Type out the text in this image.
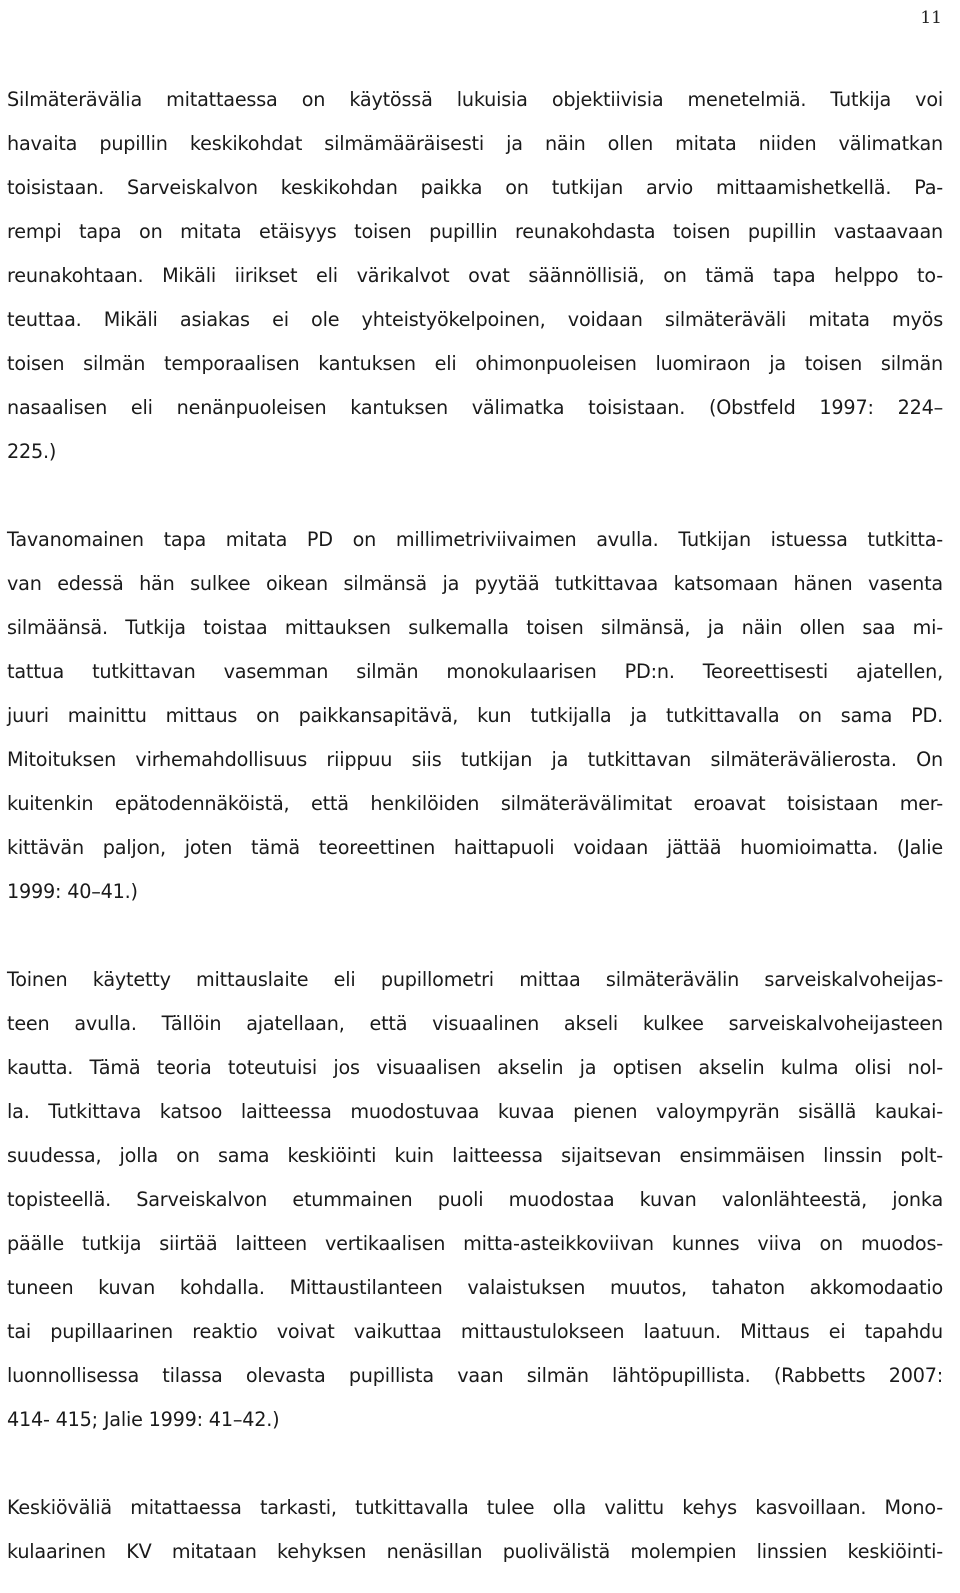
11
Silmäterävälia mitattaessa on käytössä lukuisia objektiivisia menetelmiä. Tutkija voi
havaita pupillin keskikohdat silmämääräisesti ja näin ollen mitata niiden välimatkan
toisistaan. Sarveiskalvon keskikohdan paikka on tutkijan arvio mittaamishetkellä. Pa-
rempi tapa on mitata etäisyys toisen pupillin reunakohdasta toisen pupillin vastaavaan
reunakohtaan. Mikäli iirikset eli värikalvot ovat säännöllisiä, on tämä tapa helppo to-
teuttaa. Mikäli asiakas ei ole yhteistyökelpoinen, voidaan silmäteräväli mitata myös
toisen silmän temporaalisen kantuksen eli ohimonpuoleisen luomiraon ja toisen silmän
nasaalisen eli nenänpuoleisen kantuksen välimatka toisistaan. (Obstfeld 1997: 224–
225.)
Tavanomainen tapa mitata PD on millimetriviivaimen avulla. Tutkijan istuessa tutkitta-
van edessä hän sulkee oikean silmänsä ja pyytää tutkittavaa katsomaan hänen vasenta
silmäänsä. Tutkija toistaa mittauksen sulkemalla toisen silmänsä, ja näin ollen saa mi-
tattua tutkittavan vasemman silmän monokulaarisen PD:n. Teoreettisesti ajatellen,
juuri mainittu mittaus on paikkansapitävä, kun tutkijalla ja tutkittavalla on sama PD.
Mitoituksen virhemahdollisuus riippuu siis tutkijan ja tutkittavan silmäterävälierosta. On
kuitenkin epätodennäköistä, että henkilöiden silmäterävälimitat eroavat toisistaan mer-
kittävän paljon, joten tämä teoreettinen haittapuoli voidaan jättää huomioimatta. (Jalie
1999: 40–41.)
Toinen käytetty mittauslaite eli pupillometri mittaa silmäterävälin sarveiskalvoheijas-
teen avulla. Tällöin ajatellaan, että visuaalinen akseli kulkee sarveiskalvoheijasteen
kautta. Tämä teoria toteutuisi jos visuaalisen akselin ja optisen akselin kulma olisi nol-
la. Tutkittava katsoo laitteessa muodostuvaa kuvaa pienen valoympyrän sisällä kaukai-
suudessa, jolla on sama keskiöinti kuin laitteessa sijaitsevan ensimmäisen linssin polt-
topisteellä. Sarveiskalvon etummainen puoli muodostaa kuvan valonlähteestä, jonka
päälle tutkija siirtää laitteen vertikaalisen mitta-asteikkoviivan kunnes viiva on muodos-
tuneen kuvan kohdalla. Mittaustilanteen valaistuksen muutos, tahaton akkomodaatio
tai pupillaarinen reaktio voivat vaikuttaa mittaustulokseen laatuun. Mittaus ei tapahdu
luonnollisessa tilassa olevasta pupillista vaan silmän lähtöpupillista. (Rabbetts 2007:
414- 415; Jalie 1999: 41–42.)
Keskiöväliä mitattaessa tarkasti, tutkittavalla tulee olla valittu kehys kasvoillaan. Mono-
kulaarinen KV mitataan kehyksen nenäsillan puolivälistä molempien linssien keskiöinti-
